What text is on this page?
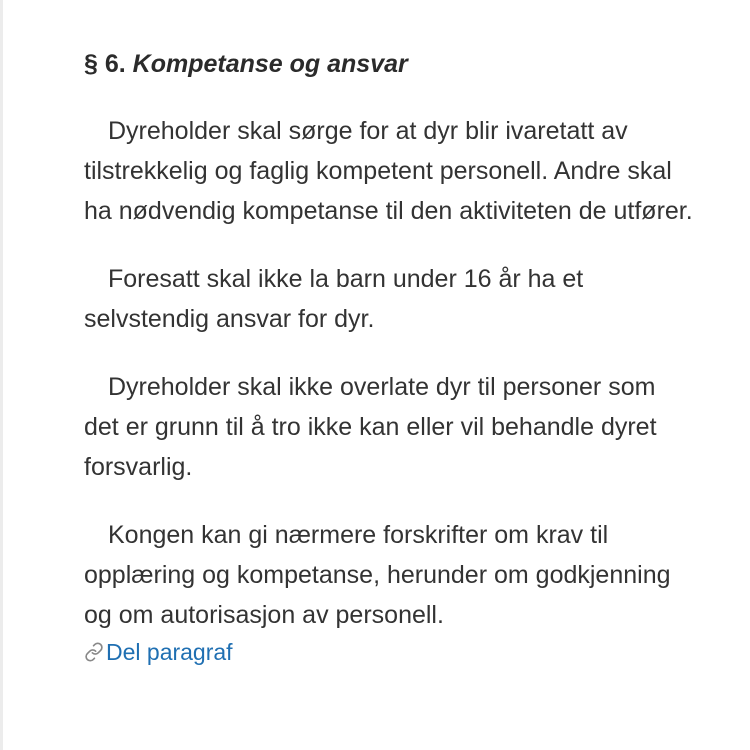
§ 6. Kompetanse og ansvar

Dyreholder skal sørge for at dyr blir ivaretatt av tilstrekkelig og faglig kompetent personell. Andre skal ha nødvendig kompetanse til den aktiviteten de utfører.

Foresatt skal ikke la barn under 16 år ha et selvstendig ansvar for dyr.

Dyreholder skal ikke overlate dyr til personer som det er grunn til å tro ikke kan eller vil behandle dyret forsvarlig.

Kongen kan gi nærmere forskrifter om krav til opplæring og kompetanse, herunder om godkjenning og om autorisasjon av personell.

Del paragraf
